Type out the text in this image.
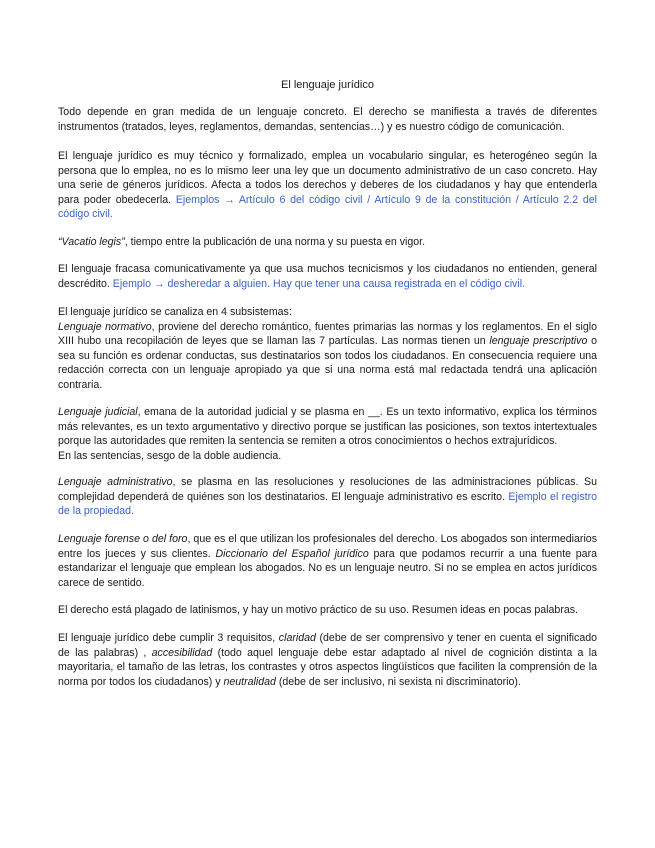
El lenguaje jurídico

Todo depende en gran medida de un lenguaje concreto. El derecho se manifiesta a través de diferentes instrumentos (tratados, leyes, reglamentos, demandas, sentencias…) y es nuestro código de comunicación.

El lenguaje jurídico es muy técnico y formalizado, emplea un vocabulario singular, es heterogéneo según la persona que lo emplea, no es lo mismo leer una ley que un documento administrativo de un caso concreto. Hay una serie de géneros jurídicos. Afecta a todos los derechos y deberes de los ciudadanos y hay que entenderla para poder obedecerla. Ejemplos → Artículo 6 del código civil / Artículo 9 de la constitución / Artículo 2.2 del código civil.

“Vacatio legis”, tiempo entre la publicación de una norma y su puesta en vigor.

El lenguaje fracasa comunicativamente ya que usa muchos tecnicismos y los ciudadanos no entienden, general descrédito. Ejemplo → desheredar a alguien. Hay que tener una causa registrada en el código civil.

El lenguaje jurídico se canaliza en 4 subsistemas:
Lenguaje normativo, proviene del derecho romántico, fuentes primarias las normas y los reglamentos. En el siglo XIII hubo una recopilación de leyes que se llaman las 7 partículas. Las normas tienen un lenguaje prescriptivo o sea su función es ordenar conductas, sus destinatarios son todos los ciudadanos. En consecuencia requiere una redacción correcta con un lenguaje apropiado ya que si una norma está mal redactada tendrá una aplicación contraria.

Lenguaje judicial, emana de la autoridad judicial y se plasma en __. Es un texto informativo, explica los términos más relevantes, es un texto argumentativo y directivo porque se justifican las posiciones, son textos intertextuales porque las autoridades que remiten la sentencia se remiten a otros conocimientos o hechos extrajurídicos.
En las sentencias, sesgo de la doble audiencia.

Lenguaje administrativo, se plasma en las resoluciones y resoluciones de las administraciones públicas. Su complejidad dependerá de quiénes son los destinatarios. El lenguaje administrativo es escrito. Ejemplo el registro de la propiedad.

Lenguaje forense o del foro, que es el que utilizan los profesionales del derecho. Los abogados son intermediarios entre los jueces y sus clientes. Diccionario del Español jurídico para que podamos recurrir a una fuente para estandarizar el lenguaje que emplean los abogados. No es un lenguaje neutro. Si no se emplea en actos jurídicos carece de sentido.

El derecho está plagado de latinismos, y hay un motivo práctico de su uso. Resumen ideas en pocas palabras.

El lenguaje jurídico debe cumplir 3 requisitos, claridad (debe de ser comprensivo y tener en cuenta el significado de las palabras) , accesibilidad (todo aquel lenguaje debe estar adaptado al nivel de cognición distinta a la mayoritaria, el tamaño de las letras, los contrastes y otros aspectos lingüísticos que faciliten la comprensión de la norma por todos los ciudadanos) y neutralidad (debe de ser inclusivo, ni sexista ni discriminatorio).
